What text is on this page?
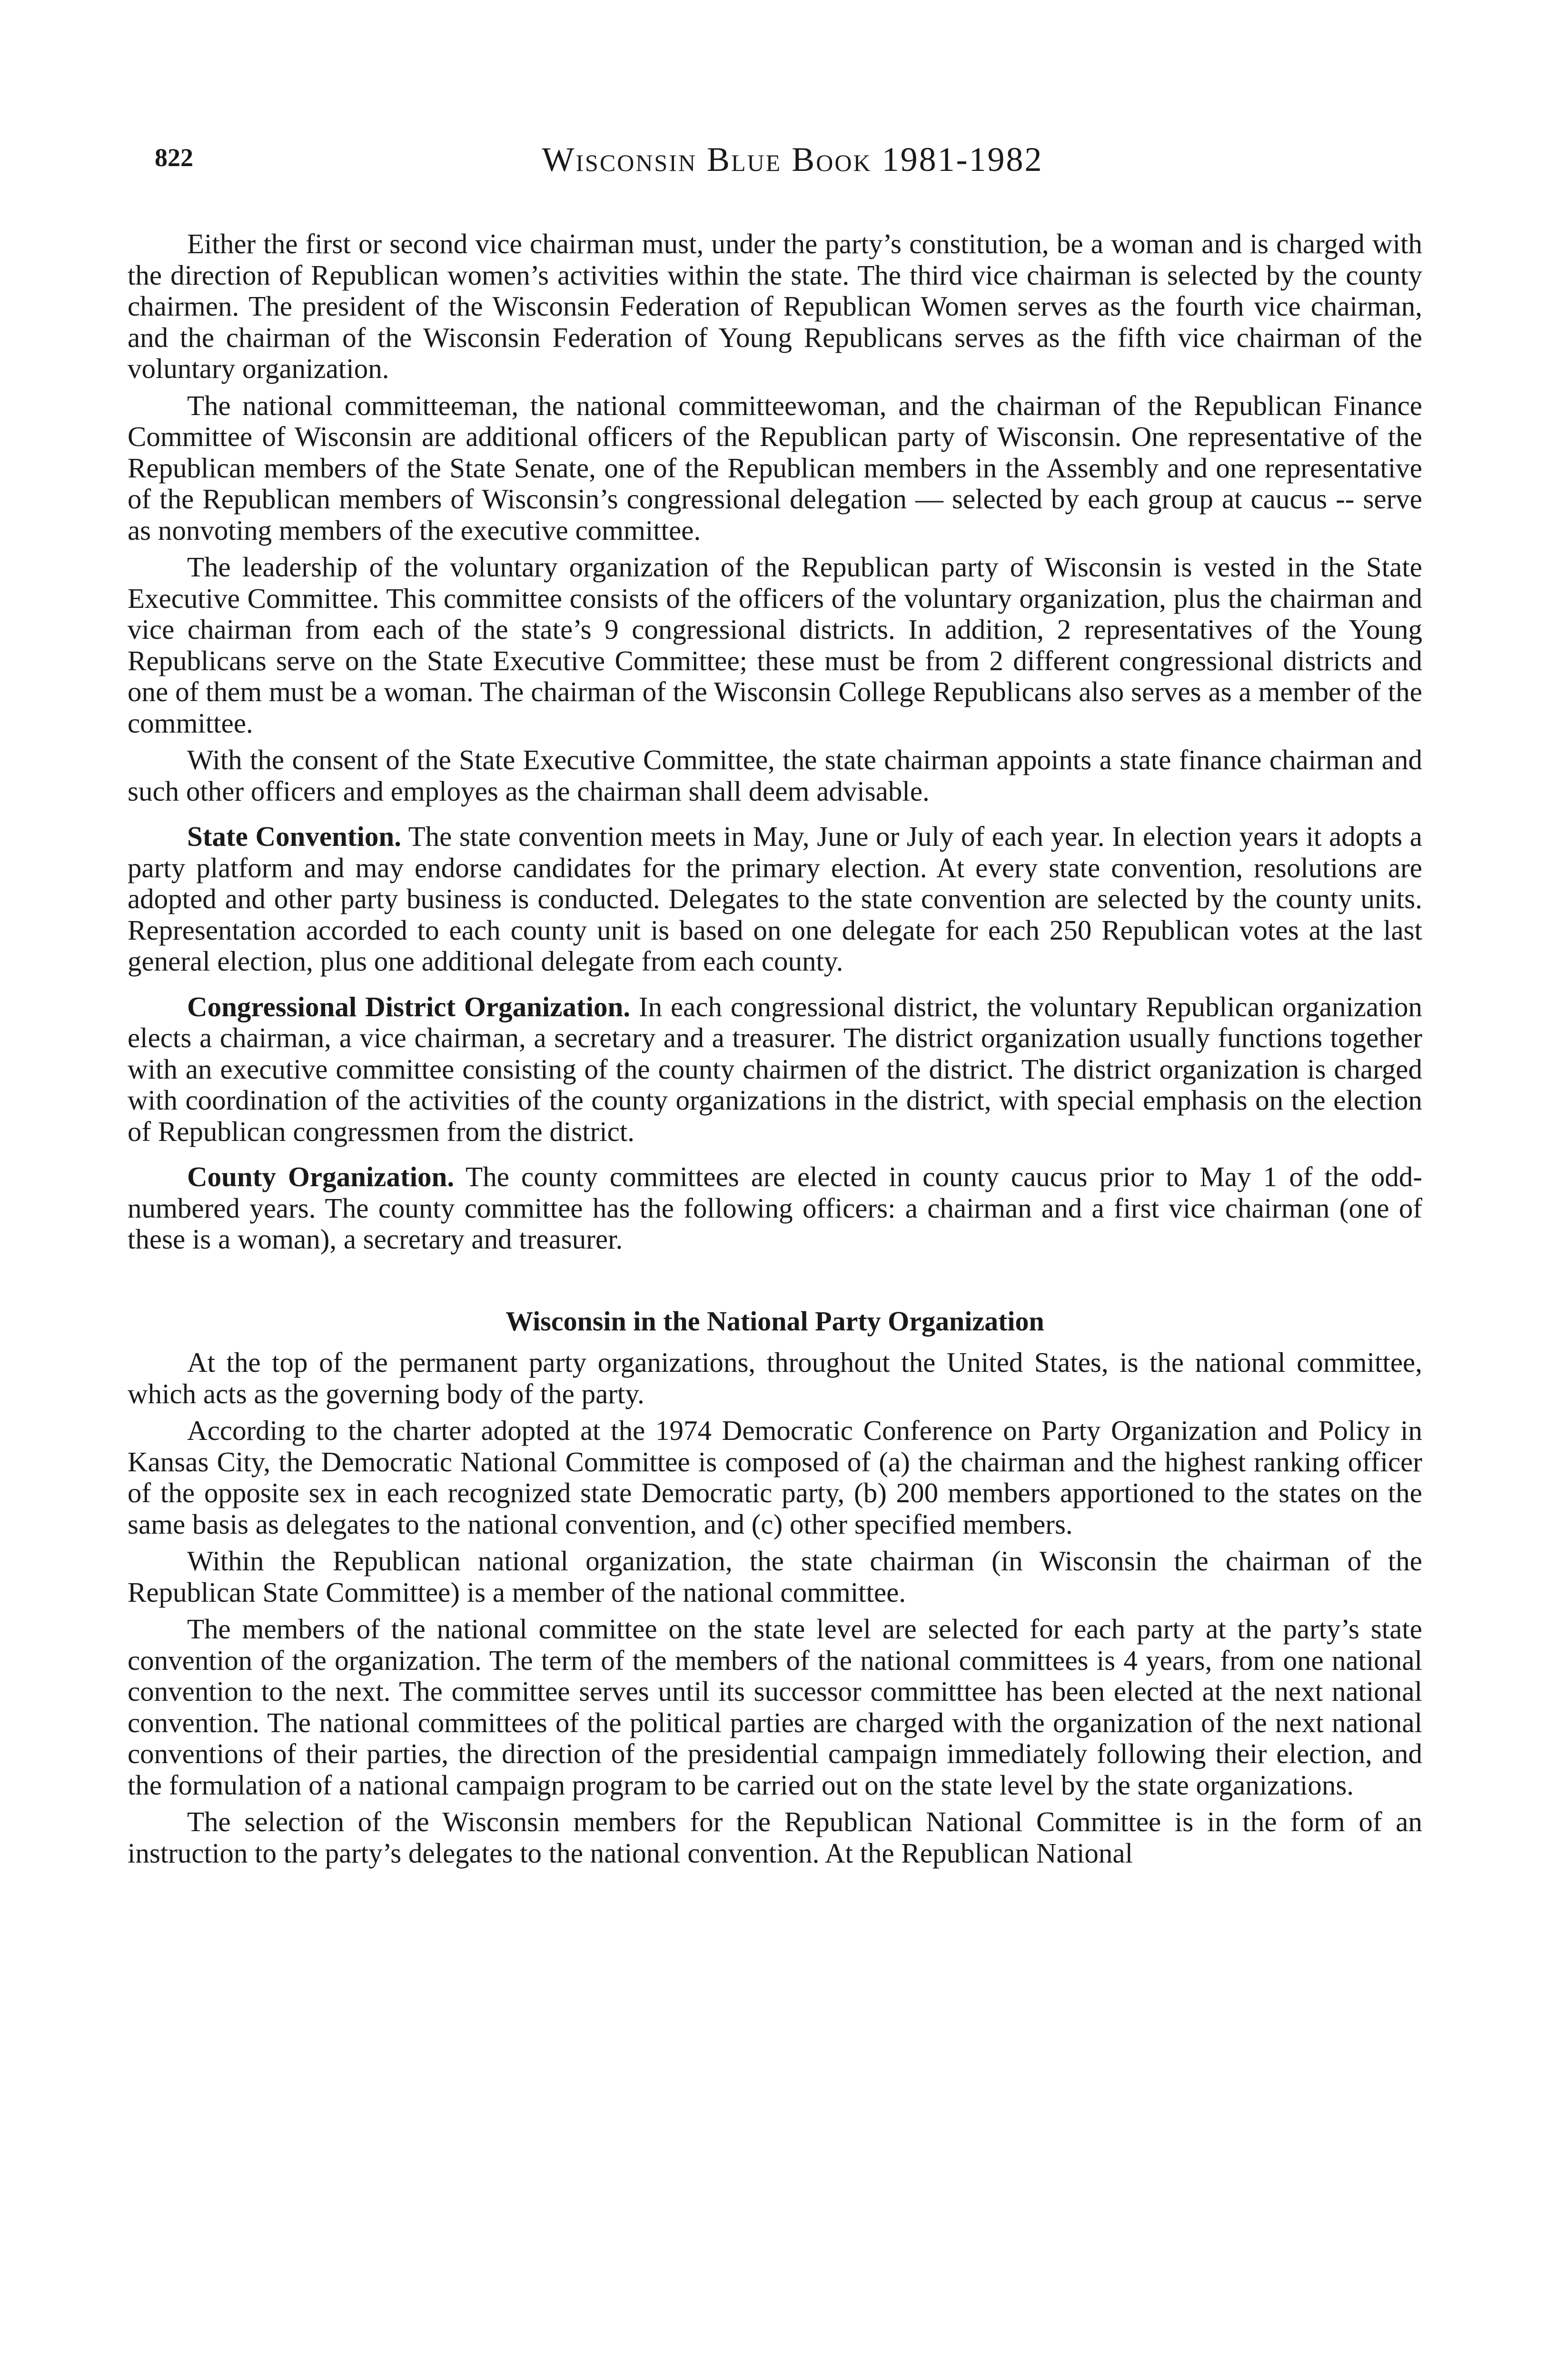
822	Wisconsin Blue Book 1981-1982

Either the first or second vice chairman must, under the party’s constitution, be a woman and is charged with the direction of Republican women’s activities within the state. The third vice chairman is selected by the county chairmen. The president of the Wisconsin Federation of Republican Women serves as the fourth vice chairman, and the chairman of the Wisconsin Federation of Young Republicans serves as the fifth vice chairman of the voluntary organization.

The national committeeman, the national committeewoman, and the chairman of the Republican Finance Committee of Wisconsin are additional officers of the Republican party of Wisconsin. One representative of the Republican members of the State Senate, one of the Republican members in the Assembly and one representative of the Republican members of Wisconsin’s congressional delegation — selected by each group at caucus -- serve as nonvoting members of the executive committee.

The leadership of the voluntary organization of the Republican party of Wisconsin is vested in the State Executive Committee. This committee consists of the officers of the voluntary organization, plus the chairman and vice chairman from each of the state’s 9 congressional districts. In addition, 2 representatives of the Young Republicans serve on the State Executive Committee; these must be from 2 different congressional districts and one of them must be a woman. The chairman of the Wisconsin College Republicans also serves as a member of the committee.

With the consent of the State Executive Committee, the state chairman appoints a state finance chairman and such other officers and employes as the chairman shall deem advisable.

State Convention. The state convention meets in May, June or July of each year. In election years it adopts a party platform and may endorse candidates for the primary election. At every state convention, resolutions are adopted and other party business is conducted. Delegates to the state convention are selected by the county units. Representation accorded to each county unit is based on one delegate for each 250 Republican votes at the last general election, plus one additional delegate from each county.

Congressional District Organization. In each congressional district, the voluntary Republican organization elects a chairman, a vice chairman, a secretary and a treasurer. The district organization usually functions together with an executive committee consisting of the county chairmen of the district. The district organization is charged with coordination of the activities of the county organizations in the district, with special emphasis on the election of Republican congressmen from the district.

County Organization. The county committees are elected in county caucus prior to May 1 of the odd-numbered years. The county committee has the following officers: a chairman and a first vice chairman (one of these is a woman), a secretary and treasurer.

Wisconsin in the National Party Organization

At the top of the permanent party organizations, throughout the United States, is the national committee, which acts as the governing body of the party.

According to the charter adopted at the 1974 Democratic Conference on Party Organization and Policy in Kansas City, the Democratic National Committee is composed of (a) the chairman and the highest ranking officer of the opposite sex in each recognized state Democratic party, (b) 200 members apportioned to the states on the same basis as delegates to the national convention, and (c) other specified members.

Within the Republican national organization, the state chairman (in Wisconsin the chairman of the Republican State Committee) is a member of the national committee.

The members of the national committee on the state level are selected for each party at the party’s state convention of the organization. The term of the members of the national committees is 4 years, from one national convention to the next. The committee serves until its successor committtee has been elected at the next national convention. The national committees of the political parties are charged with the organization of the next national conventions of their parties, the direction of the presidential campaign immediately following their election, and the formulation of a national campaign program to be carried out on the state level by the state organizations.

The selection of the Wisconsin members for the Republican National Committee is in the form of an instruction to the party’s delegates to the national convention. At the Republican National
